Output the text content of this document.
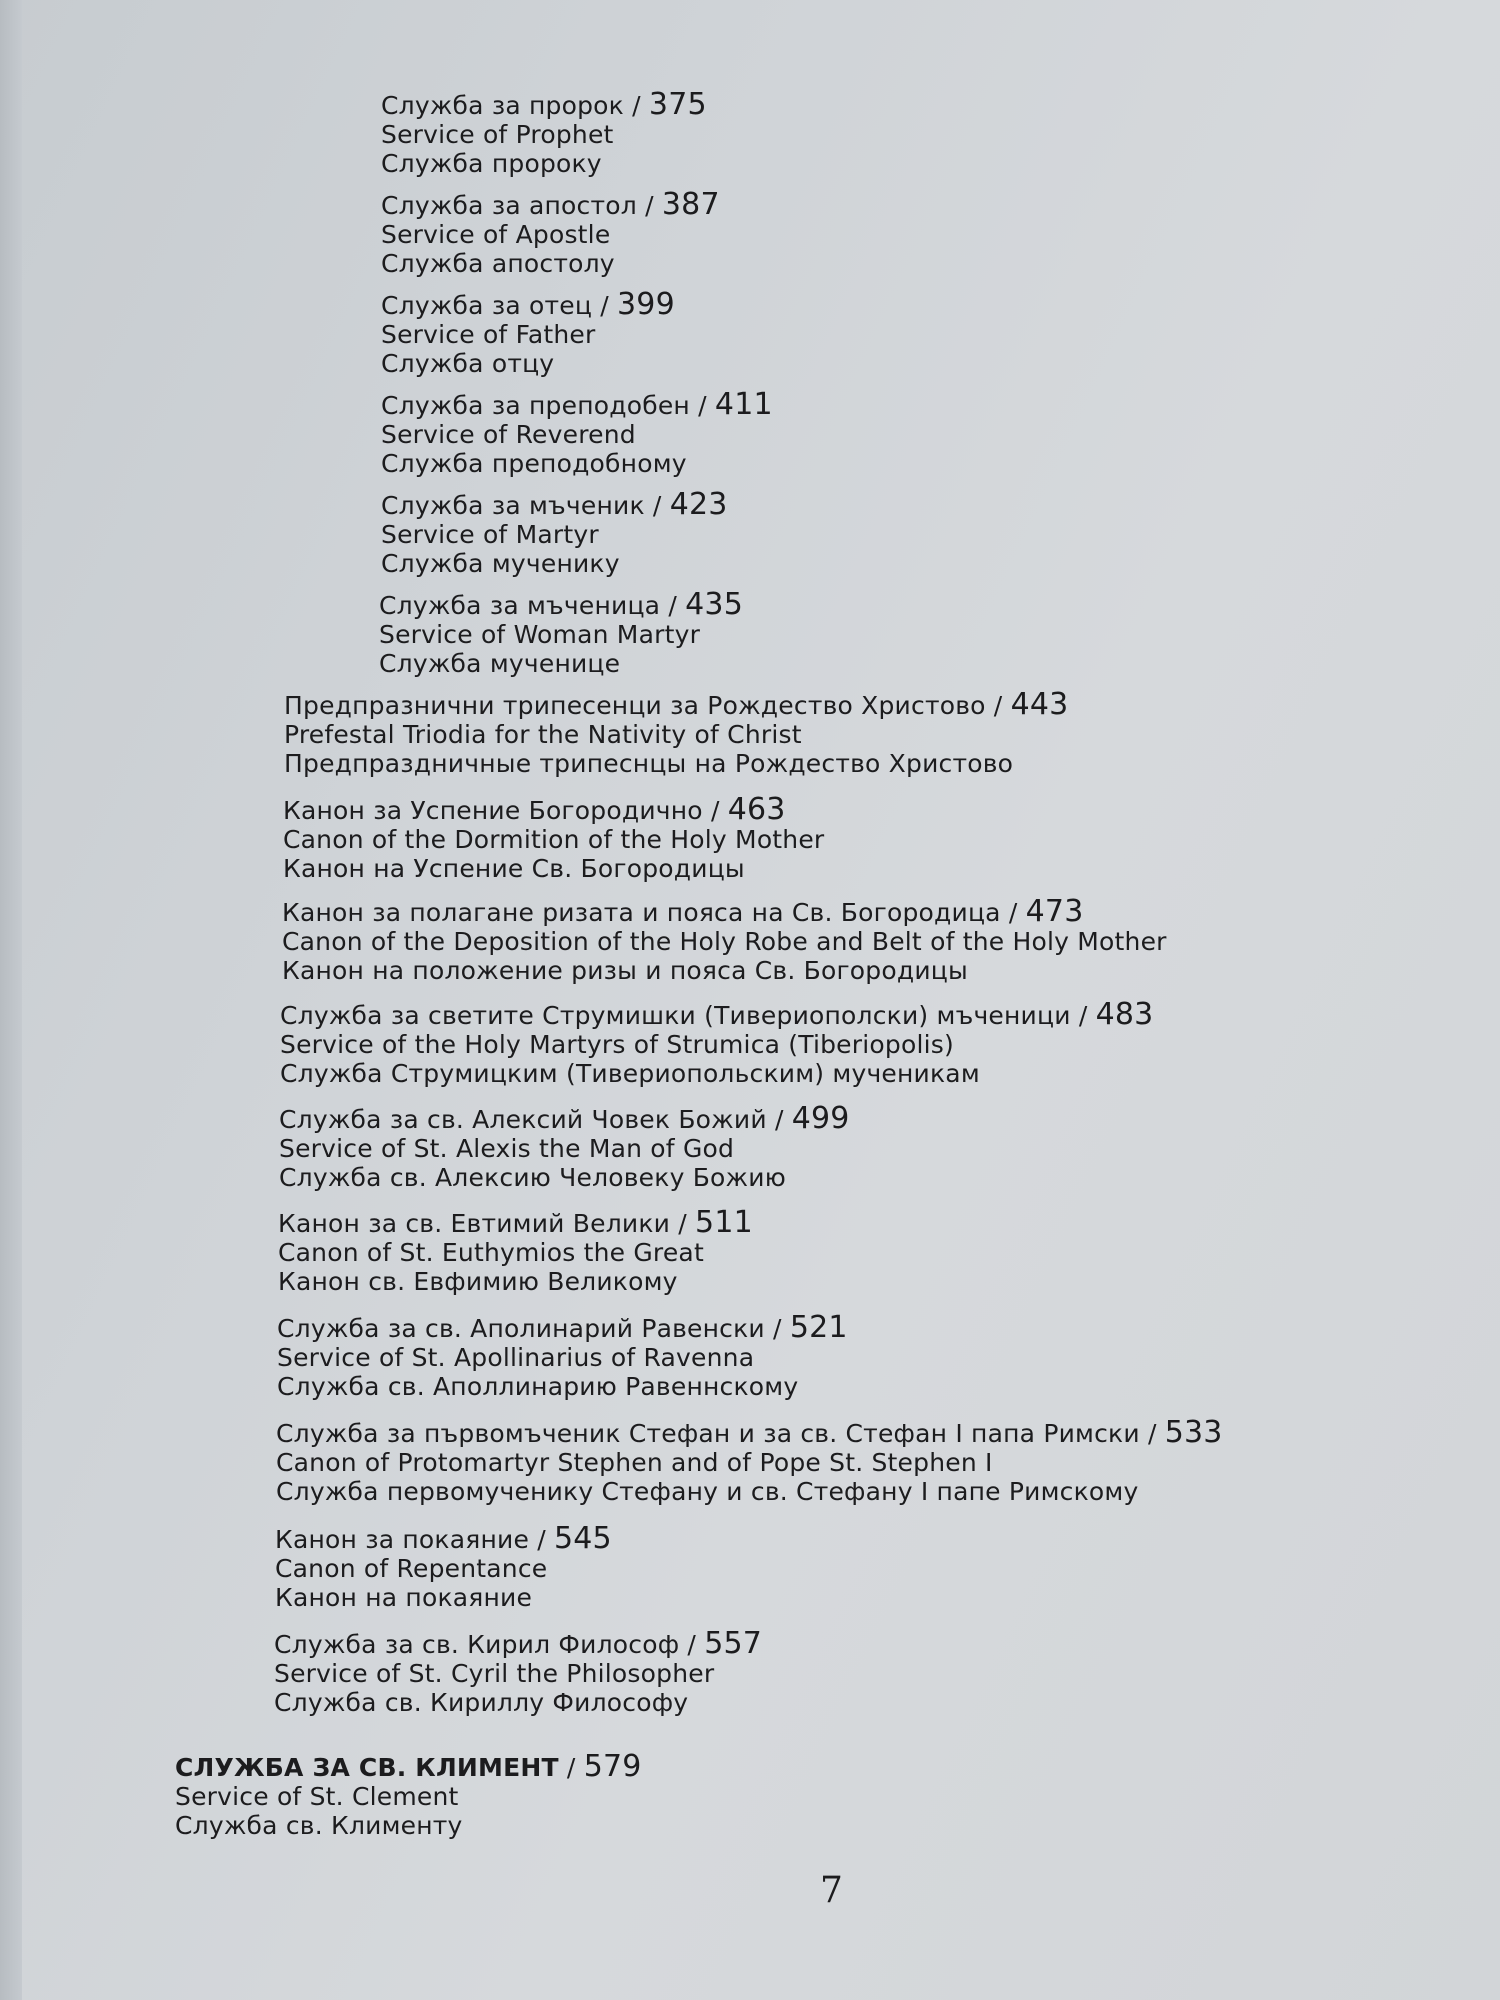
Служба за пророк / 375
Service of Prophet
Служба пророку
Служба за апостол / 387
Service of Apostle
Служба апостолу
Служба за отец / 399
Service of Father
Служба отцу
Служба за преподобен / 411
Service of Reverend
Служба преподобному
Служба за мъченик / 423
Service of Martyr
Служба мученику
Служба за мъченица / 435
Service of Woman Martyr
Служба мученице
Предпразнични трипесенци за Рождество Христово / 443
Prefestal Triodia for the Nativity of Christ
Предпраздничные трипеснцы на Рождество Христово
Канон за Успение Богородично / 463
Canon of the Dormition of the Holy Mother
Канон на Успение Св. Богородицы
Канон за полагане ризата и пояса на Св. Богородица / 473
Canon of the Deposition of the Holy Robe and Belt of the Holy Mother
Канон на положение ризы и пояса Св. Богородицы
Служба за светите Струмишки (Тивериополски) мъченици / 483
Service of the Holy Martyrs of Strumica (Tiberiopolis)
Служба Струмицким (Тивериопольским) мученикам
Служба за св. Алексий Човек Божий / 499
Service of St. Alexis the Man of God
Служба св. Алексию Человеку Божию
Канон за св. Евтимий Велики / 511
Canon of St. Euthymios the Great
Канон св. Евфимию Великому
Служба за св. Аполинарий Равенски / 521
Service of St. Apollinarius of Ravenna
Служба св. Аполлинарию Равеннскому
Служба за първомъченик Стефан и за св. Стефан I папа Римски / 533
Canon of Protomartyr Stephen and of Pope St. Stephen I
Служба первомученику Стефану и св. Стефану I папе Римскому
Канон за покаяние / 545
Canon of Repentance
Канон на покаяние
Служба за св. Кирил Философ / 557
Service of St. Cyril the Philosopher
Служба св. Кириллу Философу
СЛУЖБА ЗА СВ. КЛИМЕНТ / 579
Service of St. Clement
Служба св. Клименту
7
